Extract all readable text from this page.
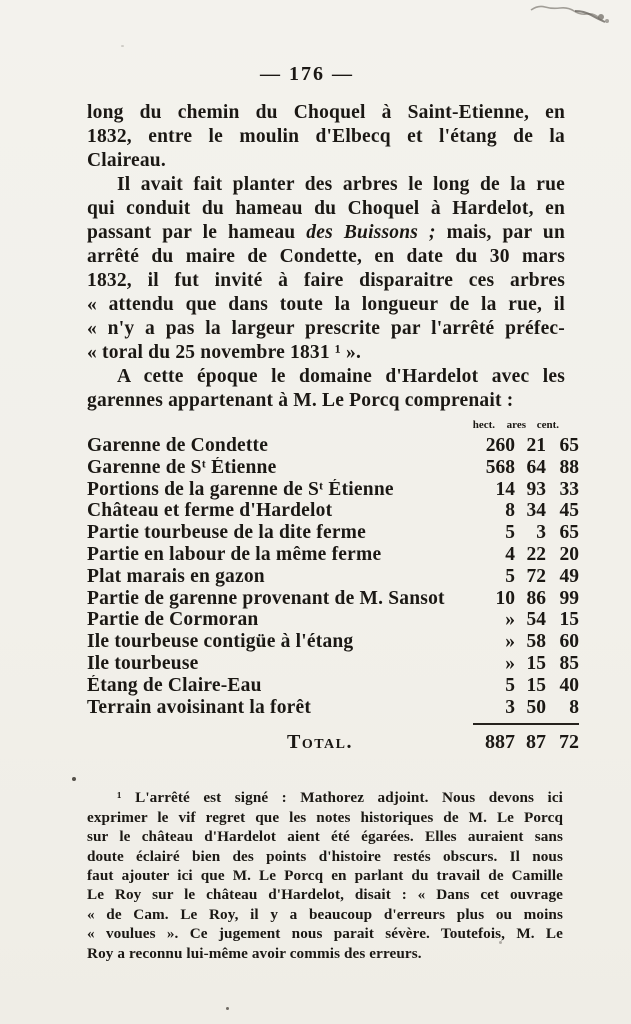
— 176 —
long du chemin du Choquel à Saint-Etienne, en
1832, entre le moulin d'Elbecq et l'étang de la
Claireau.
Il avait fait planter des arbres le long de la rue
qui conduit du hameau du Choquel à Hardelot, en
passant par le hameau des Buissons ; mais, par un
arrêté du maire de Condette, en date du 30 mars
1832, il fut invité à faire disparaitre ces arbres
« attendu que dans toute la longueur de la rue, il
« n'y a pas la largeur prescrite par l'arrêté préfec-
« toral du 25 novembre 1831 ¹ ».
A cette époque le domaine d'Hardelot avec les
garennes appartenant à M. Le Porcq comprenait :
hect.	ares cent.
Garenne de Condette	260 21 65
Garenne de Sᵗ Étienne	568 64 88
Portions de la garenne de Sᵗ Étienne	14 93 33
Château et ferme d'Hardelot	8 34 45
Partie tourbeuse de la dite ferme	5	3 65
Partie en labour de la même ferme	4 22 20
Plat marais en gazon	5 72 49
Partie de garenne provenant de M. Sansot	10 86 99
Partie de Cormoran	» 54 15
Ile tourbeuse contigüe à l'étang	» 58 60
Ile tourbeuse	» 15 85
Étang de Claire-Eau	5 15 40
Terrain avoisinant la forêt	3 50	8
Total.	887 87 72
¹ L'arrêté est signé : Mathorez adjoint. Nous devons ici
exprimer le vif regret que les notes historiques de M. Le Porcq
sur le château d'Hardelot aient été égarées. Elles auraient sans
doute éclairé bien des points d'histoire restés obscurs. Il nous
faut ajouter ici que M. Le Porcq en parlant du travail de Camille
Le Roy sur le château d'Hardelot, disait : « Dans cet ouvrage
« de Cam. Le Roy, il y a beaucoup d'erreurs plus ou moins
« voulues ». Ce jugement nous parait sévère. Toutefois, M. Le
Roy a reconnu lui-même avoir commis des erreurs.
